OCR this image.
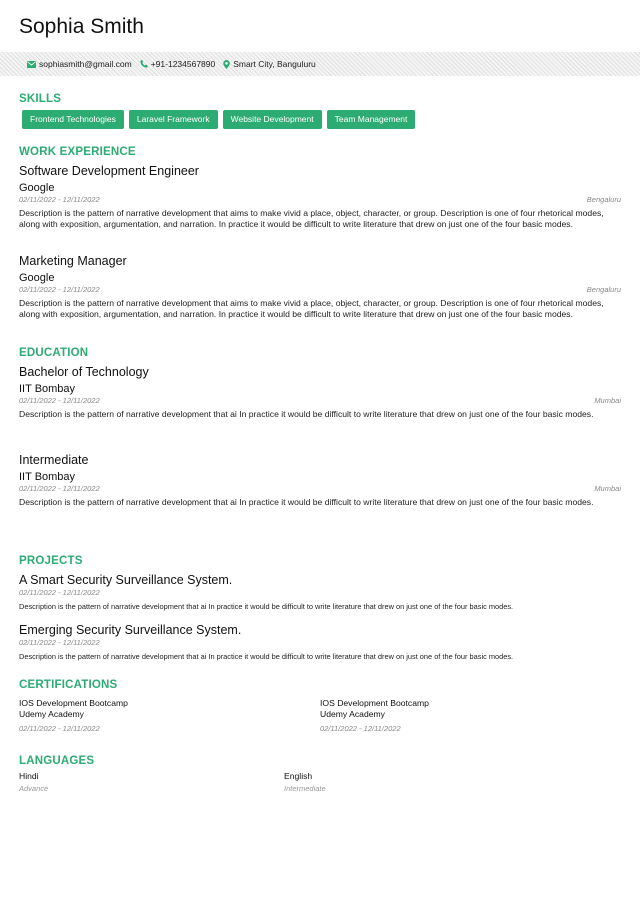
Sophia Smith
sophiasmith@gmail.com +91-1234567890 Smart City, Banguluru
SKILLS
Frontend Technologies	Laravel Framework	Website Development	Team Management
WORK EXPERIENCE
Software Development Engineer
Google
02/11/2022 - 12/11/2022	Bengaluru
Description is the pattern of narrative development that aims to make vivid a place, object, character, or group. Description is one of four rhetorical modes, along with exposition, argumentation, and narration. In practice it would be difficult to write literature that drew on just one of the four basic modes.
Marketing Manager
Google
02/11/2022 - 12/11/2022	Bengaluru
Description is the pattern of narrative development that aims to make vivid a place, object, character, or group. Description is one of four rhetorical modes, along with exposition, argumentation, and narration. In practice it would be difficult to write literature that drew on just one of the four basic modes.
EDUCATION
Bachelor of Technology
IIT Bombay
02/11/2022 - 12/11/2022	Mumbai
Description is the pattern of narrative development that ai In practice it would be difficult to write literature that drew on just one of the four basic modes.
Intermediate
IIT Bombay
02/11/2022 - 12/11/2022	Mumbai
Description is the pattern of narrative development that ai In practice it would be difficult to write literature that drew on just one of the four basic modes.
PROJECTS
A Smart Security Surveillance System.
02/11/2022 - 12/11/2022
Description is the pattern of narrative development that ai In practice it would be difficult to write literature that drew on just one of the four basic modes.
Emerging Security Surveillance System.
02/11/2022 - 12/11/2022
Description is the pattern of narrative development that ai In practice it would be difficult to write literature that drew on just one of the four basic modes.
CERTIFICATIONS
IOS Development Bootcamp
Udemy Academy
02/11/2022 - 12/11/2022
IOS Development Bootcamp
Udemy Academy
02/11/2022 - 12/11/2022
LANGUAGES
Hindi
Advance
English
Intermediate
